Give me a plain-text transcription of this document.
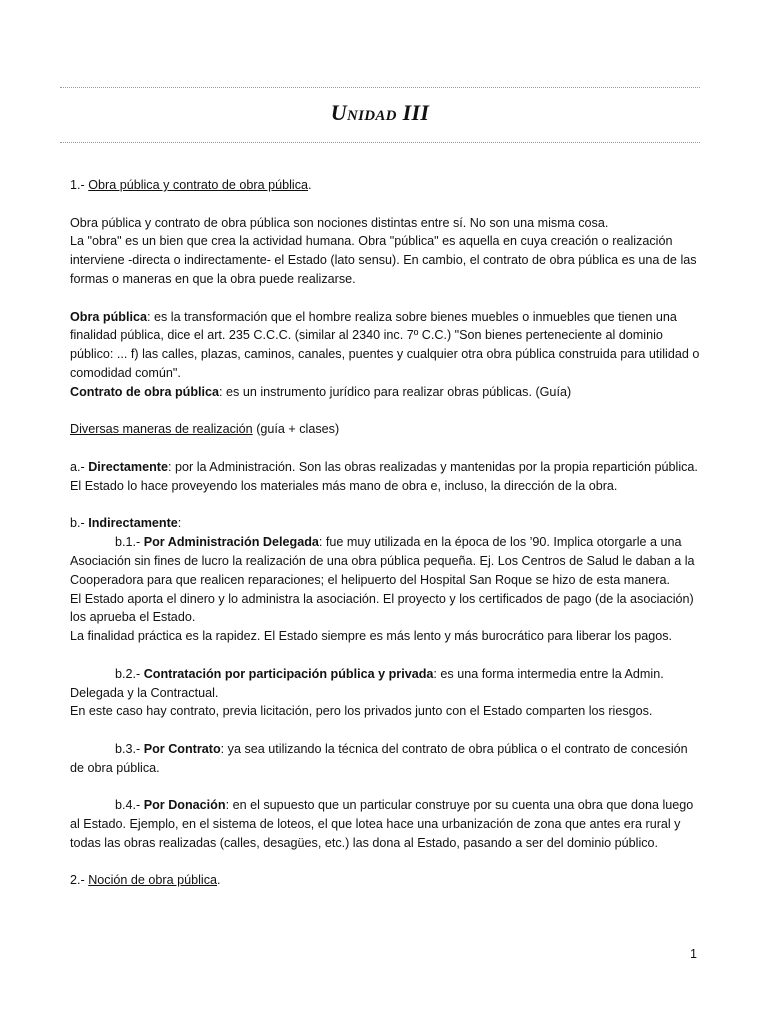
Unidad III

1.- Obra pública y contrato de obra pública.

Obra pública y contrato de obra pública son nociones distintas entre sí. No son una misma cosa.

La "obra" es un bien que crea la actividad humana. Obra "pública" es aquella en cuya creación o realización interviene -directa o indirectamente- el Estado (lato sensu). En cambio, el contrato de obra pública es una de las formas o maneras en que la obra puede realizarse.

Obra pública: es la transformación que el hombre realiza sobre bienes muebles o inmuebles que tienen una finalidad pública, dice el art. 235 C.C.C. (similar al 2340 inc. 7º C.C.) "Son bienes perteneciente al dominio público: ... f) las calles, plazas, caminos, canales, puentes y cualquier otra obra pública construida para utilidad o comodidad común".

Contrato de obra pública: es un instrumento jurídico para realizar obras públicas. (Guía)

Diversas maneras de realización (guía + clases)

a.- Directamente: por la Administración. Son las obras realizadas y mantenidas por la propia repartición pública. El Estado lo hace proveyendo los materiales más mano de obra e, incluso, la dirección de la obra.

b.- Indirectamente:

b.1.- Por Administración Delegada: fue muy utilizada en la época de los ’90. Implica otorgarle a una Asociación sin fines de lucro la realización de una obra pública pequeña. Ej. Los Centros de Salud le daban a la Cooperadora para que realicen reparaciones; el helipuerto del Hospital San Roque se hizo de esta manera.

El Estado aporta el dinero y lo administra la asociación. El proyecto y los certificados de pago (de la asociación) los aprueba el Estado.

La finalidad práctica es la rapidez. El Estado siempre es más lento y más burocrático para liberar los pagos.

b.2.- Contratación por participación pública y privada: es una forma intermedia entre la Admin. Delegada y la Contractual.

En este caso hay contrato, previa licitación, pero los privados junto con el Estado comparten los riesgos.

b.3.- Por Contrato: ya sea utilizando la técnica del contrato de obra pública o el contrato de concesión de obra pública.

b.4.- Por Donación: en el supuesto que un particular construye por su cuenta una obra que dona luego al Estado. Ejemplo, en el sistema de loteos, el que lotea hace una urbanización de zona que antes era rural y todas las obras realizadas (calles, desagües, etc.) las dona al Estado, pasando a ser del dominio público.

2.- Noción de obra pública.

1
